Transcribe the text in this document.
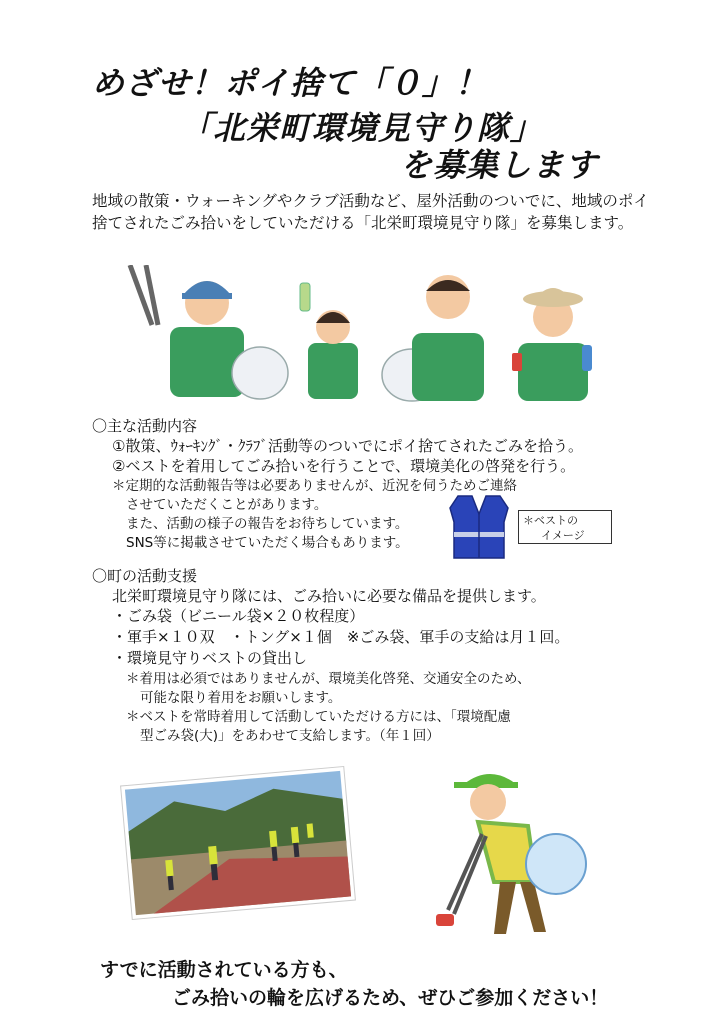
めざせ！ポイ捨て「０」！
「北栄町環境見守り隊」
を募集します
地域の散策・ウォーキングやクラブ活動など、屋外活動のついでに、地域のポイ捨てされたごみ拾いをしていただける「北栄町環境見守り隊」を募集します。
〇主な活動内容
①散策、ｳｫｰｷﾝｸﾞ・ｸﾗﾌﾞ活動等のついでにポイ捨てされたごみを拾う。
②ベストを着用してごみ拾いを行うことで、環境美化の啓発を行う。
＊定期的な活動報告等は必要ありませんが、近況を伺うためご連絡
させていただくことがあります。
また、活動の様子の報告をお待ちしています。
SNS等に掲載させていただく場合もあります。
＊ベストの
イメージ
〇町の活動支援
北栄町環境見守り隊には、ごみ拾いに必要な備品を提供します。
・ごみ袋（ビニール袋×２０枚程度）
・軍手×１０双　・トング×１個　※ごみ袋、軍手の支給は月１回。
・環境見守りベストの貸出し
＊着用は必須ではありませんが、環境美化啓発、交通安全のため、
可能な限り着用をお願いします。
＊ベストを常時着用して活動していただける方には、「環境配慮
型ごみ袋(大)」をあわせて支給します。（年１回）
すでに活動されている方も、
ごみ拾いの輪を広げるため、ぜひご参加ください！
